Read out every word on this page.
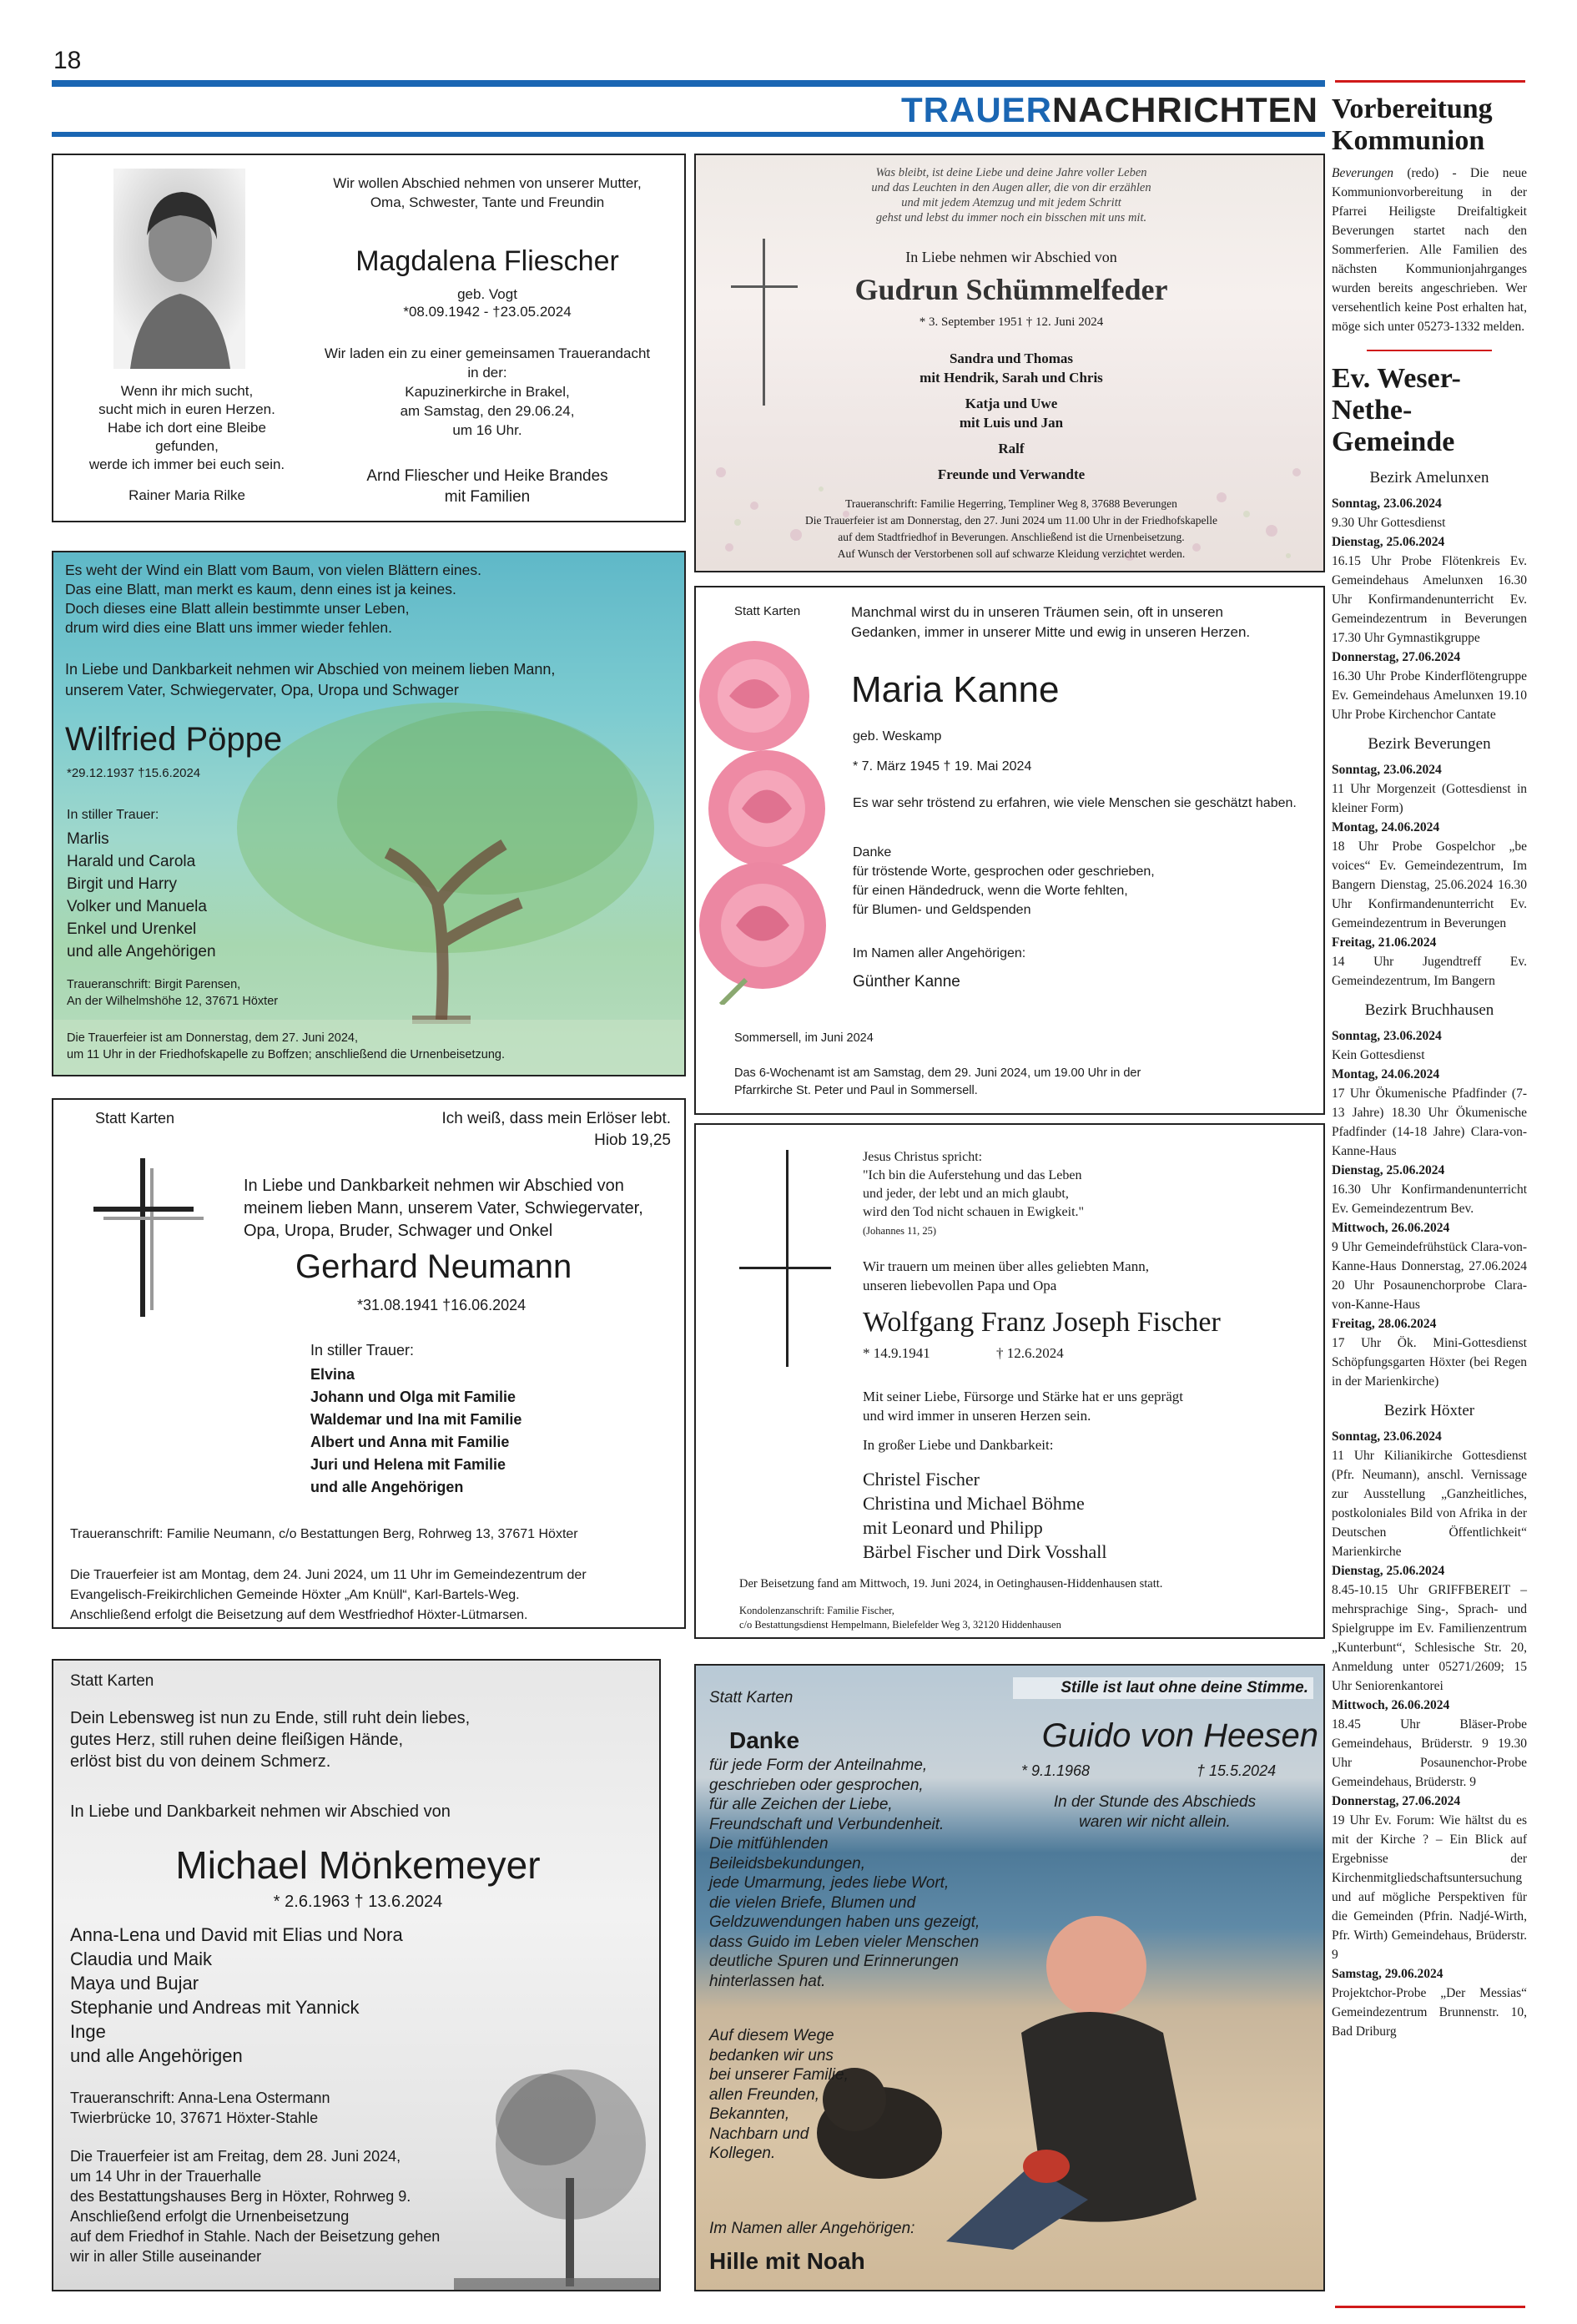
18
TRAUERNACHRICHTEN
Wenn ihr mich sucht,
sucht mich in euren Herzen.
Habe ich dort eine Bleibe
gefunden,
werde ich immer bei euch sein.
Rainer Maria Rilke
Wir wollen Abschied nehmen von unserer Mutter,
Oma, Schwester, Tante und Freundin
Magdalena Fliescher
geb. Vogt
*08.09.1942 - †23.05.2024
Wir laden ein zu einer gemeinsamen Trauerandacht
in der:
Kapuzinerkirche in Brakel,
am Samstag, den 29.06.24,
um 16 Uhr.
Arnd Fliescher und Heike Brandes
mit Familien
Was bleibt, ist deine Liebe und deine Jahre voller Leben
und das Leuchten in den Augen aller, die von dir erzählen
und mit jedem Atemzug und mit jedem Schritt
gehst und lebst du immer noch ein bisschen mit uns mit.
In Liebe nehmen wir Abschied von
Gudrun Schümmelfeder
* 3. September 1951 † 12. Juni 2024
Sandra und Thomas
mit Hendrik, Sarah und Chris
Katja und Uwe
mit Luis und Jan
Ralf
Freunde und Verwandte
Traueranschrift: Familie Hegerring, Templiner Weg 8, 37688 Beverungen
Die Trauerfeier ist am Donnerstag, den 27. Juni 2024 um 11.00 Uhr in der Friedhofskapelle
auf dem Stadtfriedhof in Beverungen. Anschließend ist die Urnenbeisetzung.
Auf Wunsch der Verstorbenen soll auf schwarze Kleidung verzichtet werden.
Es weht der Wind ein Blatt vom Baum, von vielen Blättern eines.
Das eine Blatt, man merkt es kaum, denn eines ist ja keines.
Doch dieses eine Blatt allein bestimmte unser Leben,
drum wird dies eine Blatt uns immer wieder fehlen.
In Liebe und Dankbarkeit nehmen wir Abschied von meinem lieben Mann,
unserem Vater, Schwiegervater, Opa, Uropa und Schwager
Wilfried Pöppe
*29.12.1937 †15.6.2024
In stiller Trauer:
Marlis
Harald und Carola
Birgit und Harry
Volker und Manuela
Enkel und Urenkel
und alle Angehörigen
Traueranschrift: Birgit Parensen,
An der Wilhelmshöhe 12, 37671 Höxter
Die Trauerfeier ist am Donnerstag, dem 27. Juni 2024,
um 11 Uhr in der Friedhofskapelle zu Boffzen; anschließend die Urnenbeisetzung.
Statt Karten	Manchmal wirst du in unseren Träumen sein, oft in unseren
Gedanken, immer in unserer Mitte und ewig in unseren Herzen.
Maria Kanne
geb. Weskamp
* 7. März 1945 † 19. Mai 2024
Es war sehr tröstend zu erfahren, wie viele Menschen sie geschätzt haben.
Danke
für tröstende Worte, gesprochen oder geschrieben,
für einen Händedruck, wenn die Worte fehlten,
für Blumen- und Geldspenden
Im Namen aller Angehörigen:
Günther Kanne
Sommersell, im Juni 2024
Das 6-Wochenamt ist am Samstag, dem 29. Juni 2024, um 19.00 Uhr in der
Pfarrkirche St. Peter und Paul in Sommersell.
Statt Karten	Ich weiß, dass mein Erlöser lebt.
Hiob 19,25
In Liebe und Dankbarkeit nehmen wir Abschied von
meinem lieben Mann, unserem Vater, Schwiegervater,
Opa, Uropa, Bruder, Schwager und Onkel
Gerhard Neumann
*31.08.1941 †16.06.2024
In stiller Trauer:
Elvina
Johann und Olga mit Familie
Waldemar und Ina mit Familie
Albert und Anna mit Familie
Juri und Helena mit Familie
und alle Angehörigen
Traueranschrift: Familie Neumann, c/o Bestattungen Berg, Rohrweg 13, 37671 Höxter
Die Trauerfeier ist am Montag, dem 24. Juni 2024, um 11 Uhr im Gemeindezentrum der
Evangelisch-Freikirchlichen Gemeinde Höxter „Am Knüll“, Karl-Bartels-Weg.
Anschließend erfolgt die Beisetzung auf dem Westfriedhof Höxter-Lütmarsen.
Jesus Christus spricht:
"Ich bin die Auferstehung und das Leben
und jeder, der lebt und an mich glaubt,
wird den Tod nicht schauen in Ewigkeit."
(Johannes 11, 25)
Wir trauern um meinen über alles geliebten Mann,
unseren liebevollen Papa und Opa
Wolfgang Franz Joseph Fischer
* 14.9.1941	† 12.6.2024
Mit seiner Liebe, Fürsorge und Stärke hat er uns geprägt
und wird immer in unseren Herzen sein.
In großer Liebe und Dankbarkeit:
Christel Fischer
Christina und Michael Böhme
mit Leonard und Philipp
Bärbel Fischer und Dirk Vosshall
Der Beisetzung fand am Mittwoch, 19. Juni 2024, in Oetinghausen-Hiddenhausen statt.
Kondolenzanschrift: Familie Fischer,
c/o Bestattungsdienst Hempelmann, Bielefelder Weg 3, 32120 Hiddenhausen
Statt Karten
Dein Lebensweg ist nun zu Ende, still ruht dein liebes,
gutes Herz, still ruhen deine fleißigen Hände,
erlöst bist du von deinem Schmerz.
In Liebe und Dankbarkeit nehmen wir Abschied von
Michael Mönkemeyer
* 2.6.1963 † 13.6.2024
Anna-Lena und David mit Elias und Nora
Claudia und Maik
Maya und Bujar
Stephanie und Andreas mit Yannick
Inge
und alle Angehörigen
Traueranschrift: Anna-Lena Ostermann
Twierbrücke 10, 37671 Höxter-Stahle
Die Trauerfeier ist am Freitag, dem 28. Juni 2024,
um 14 Uhr in der Trauerhalle
des Bestattungshauses Berg in Höxter, Rohrweg 9.
Anschließend erfolgt die Urnenbeisetzung
auf dem Friedhof in Stahle. Nach der Beisetzung gehen
wir in aller Stille auseinander
Statt Karten
Stille ist laut ohne deine Stimme.
Guido von Heesen
* 9.1.1968	† 15.5.2024
In der Stunde des Abschieds
waren wir nicht allein.
Danke
für jede Form der Anteilnahme,
geschrieben oder gesprochen,
für alle Zeichen der Liebe,
Freundschaft und Verbundenheit.
Die mitfühlenden
Beileidsbekundungen,
jede Umarmung, jedes liebe Wort,
die vielen Briefe, Blumen und
Geldzuwendungen haben uns gezeigt,
dass Guido im Leben vieler Menschen
deutliche Spuren und Erinnerungen
hinterlassen hat.
Auf diesem Wege
bedanken wir uns
bei unserer Familie,
allen Freunden,
Bekannten,
Nachbarn und
Kollegen.
Im Namen aller Angehörigen:
Hille mit Noah
Vorbereitung Kommunion

Beverungen (redo) - Die neue Kommunionvorbereitung in der Pfarrei Heiligste Dreifaltigkeit Beverungen startet nach den Sommerferien. Alle Familien des nächsten Kommunionjahrganges wurden bereits angeschrieben. Wer versehentlich keine Post erhalten hat, möge sich unter 05273-1332 melden.

Ev. Weser-Nethe-Gemeinde
Bezirk Amelunxen
Sonntag, 23.06.2024
9.30 Uhr Gottesdienst
Dienstag, 25.06.2024
16.15 Uhr Probe Flötenkreis Ev. Gemeindehaus Amelunxen 16.30 Uhr Konfirmandenunterricht Ev. Gemeindezentrum in Beverungen 17.30 Uhr Gymnastikgruppe
Donnerstag, 27.06.2024
16.30 Uhr Probe Kinderflötengruppe Ev. Gemeindehaus Amelunxen 19.10 Uhr Probe Kirchenchor Cantate
Bezirk Beverungen
Sonntag, 23.06.2024
11 Uhr Morgenzeit (Gottesdienst in kleiner Form)
Montag, 24.06.2024
18 Uhr Probe Gospelchor „be voices“ Ev. Gemeindezentrum, Im Bangern Dienstag, 25.06.2024 16.30 Uhr Konfirmandenunterricht Ev. Gemeindezentrum in Beverungen
Freitag, 21.06.2024
14 Uhr Jugendtreff Ev. Gemeindezentrum, Im Bangern
Bezirk Bruchhausen
Sonntag, 23.06.2024
Kein Gottesdienst
Montag, 24.06.2024
17 Uhr Ökumenische Pfadfinder (7-13 Jahre) 18.30 Uhr Ökumenische Pfadfinder (14-18 Jahre) Clara-von-Kanne-Haus
Dienstag, 25.06.2024
16.30 Uhr Konfirmandenunterricht Ev. Gemeindezentrum Bev.
Mittwoch, 26.06.2024
9 Uhr Gemeindefrühstück Clara-von-Kanne-Haus Donnerstag, 27.06.2024 20 Uhr Posaunenchorprobe Clara-von-Kanne-Haus
Freitag, 28.06.2024
17 Uhr Ök. Mini-Gottesdienst Schöpfungsgarten Höxter (bei Regen in der Marienkirche)
Bezirk Höxter
Sonntag, 23.06.2024
11 Uhr Kilianikirche Gottesdienst (Pfr. Neumann), anschl. Vernissage zur Ausstellung „Ganzheitliches, postkoloniales Bild von Afrika in der Deutschen Öffentlichkeit“ Marienkirche
Dienstag, 25.06.2024
8.45-10.15 Uhr GRIFFBEREIT – mehrsprachige Sing-, Sprach- und Spielgruppe im Ev. Familienzentrum „Kunterbunt“, Schlesische Str. 20, Anmeldung unter 05271/2609; 15 Uhr Seniorenkantorei
Mittwoch, 26.06.2024
18.45 Uhr Bläser-Probe Gemeindehaus, Brüderstr. 9 19.30 Uhr Posaunenchor-Probe Gemeindehaus, Brüderstr. 9
Donnerstag, 27.06.2024
19 Uhr Ev. Forum: Wie hältst du es mit der Kirche ? – Ein Blick auf Ergebnisse der Kirchenmitgliedschaftsuntersuchung und auf mögliche Perspektiven für die Gemeinden (Pfrin. Nadjé-Wirth, Pfr. Wirth) Gemeindehaus, Brüderstr. 9
Samstag, 29.06.2024
Projektchor-Probe „Der Messias“ Gemeindezentrum Brunnenstr. 10, Bad Driburg
